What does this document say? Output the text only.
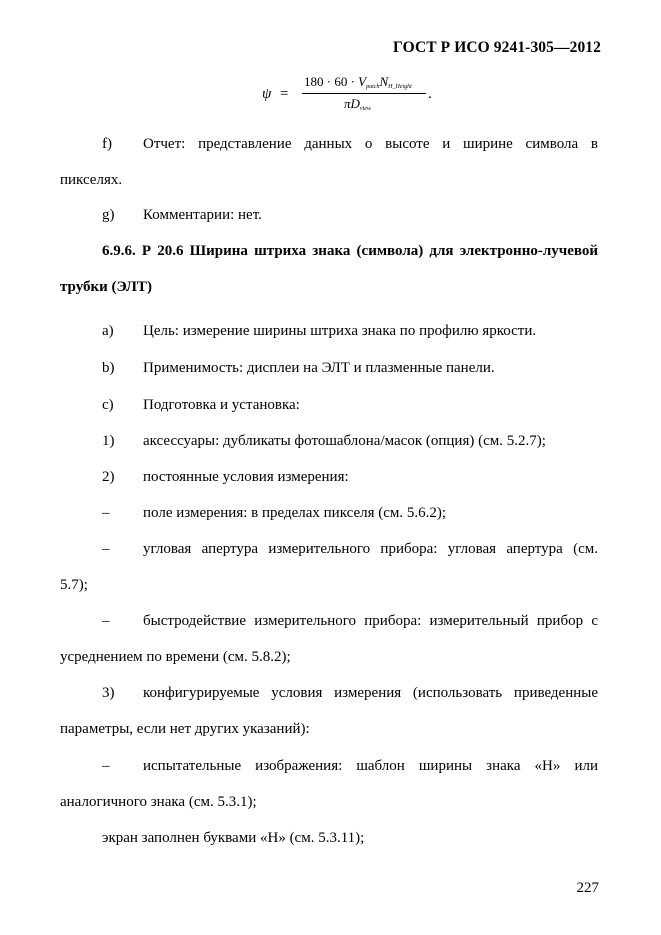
ГОСТ Р ИСО 9241-305—2012
ψ =
$180 \cdot 60 \cdot V_{patch}N_{H\_Height}$
$\pi D_{view}$
.
f) Отчет: представление данных о высоте и ширине символа в
пикселях.
g) Комментарии: нет.
6.9.6. Р 20.6 Ширина штриха знака (символа) для электронно-лучевой
трубки (ЭЛТ)
a) Цель: измерение ширины штриха знака по профилю яркости.
b) Применимость: дисплеи на ЭЛТ и плазменные панели.
c) Подготовка и установка:
1) аксессуары: дубликаты фотошаблона/масок (опция) (см. 5.2.7);
2) постоянные условия измерения:
– поле измерения: в пределах пикселя (см. 5.6.2);
– угловая апертура измерительного прибора: угловая апертура (см.
5.7);
– быстродействие измерительного прибора: измерительный прибор с
усреднением по времени (см. 5.8.2);
3) конфигурируемые условия измерения (использовать приведенные
параметры, если нет других указаний):
– испытательные изображения: шаблон ширины знака «Н» или
аналогичного знака (см. 5.3.1);
экран заполнен буквами «Н» (см. 5.3.11);
227
